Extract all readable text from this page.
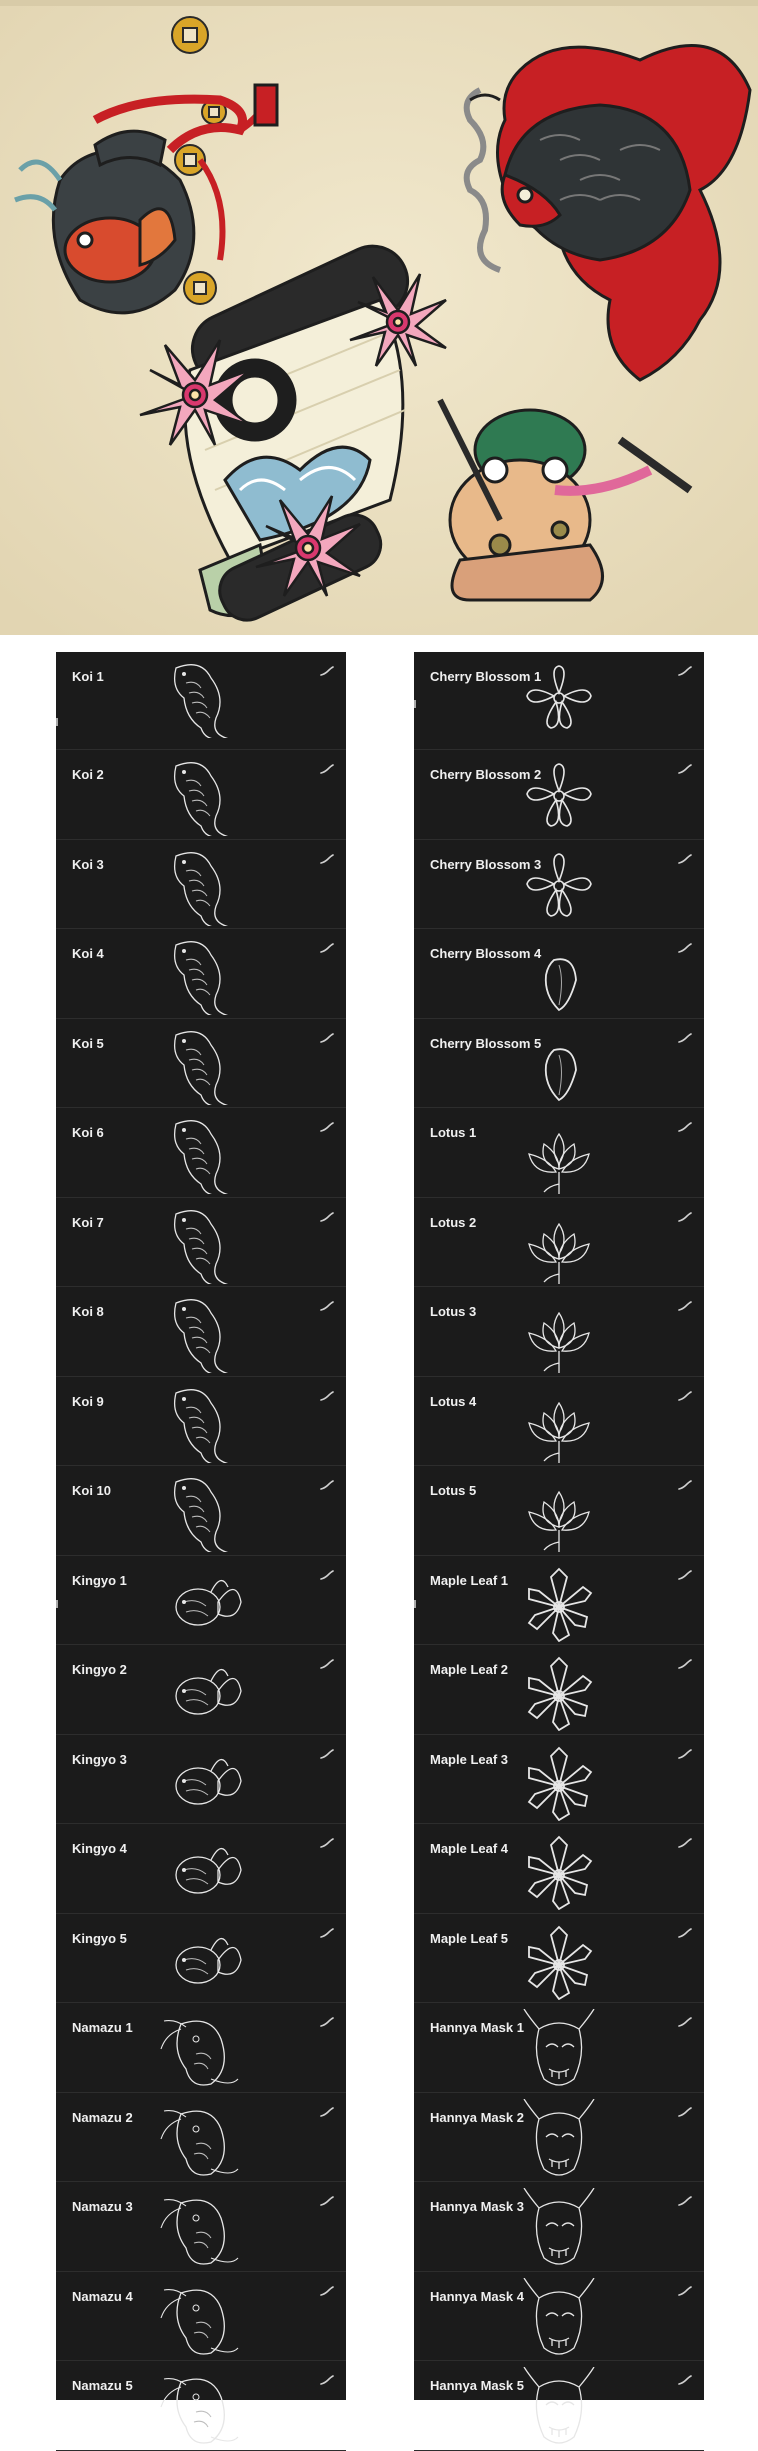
Koi 1
Koi 2
Koi 3
Koi 4
Koi 5
Koi 6
Koi 7
Koi 8
Koi 9
Koi 10
Kingyo 1
Kingyo 2
Kingyo 3
Kingyo 4
Kingyo 5
Namazu 1
Namazu 2
Namazu 3
Namazu 4
Namazu 5
Cherry Blossom 1
Cherry Blossom 2
Cherry Blossom 3
Cherry Blossom 4
Cherry Blossom 5
Lotus 1
Lotus 2
Lotus 3
Lotus 4
Lotus 5
Maple Leaf 1
Maple Leaf 2
Maple Leaf 3
Maple Leaf 4
Maple Leaf 5
Hannya Mask 1
Hannya Mask 2
Hannya Mask 3
Hannya Mask 4
Hannya Mask 5
